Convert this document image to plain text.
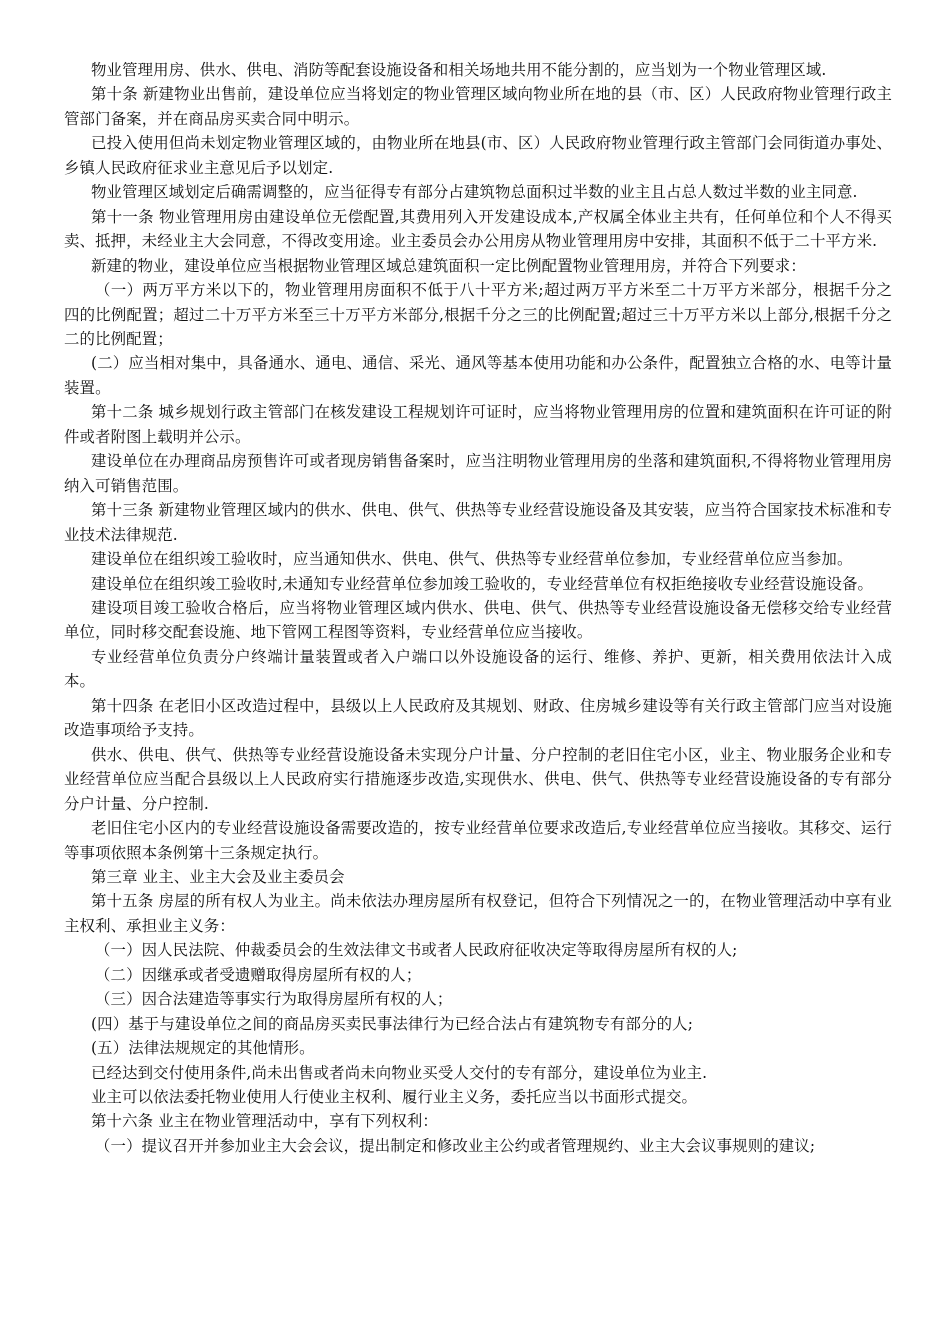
物业管理用房、供水、供电、消防等配套设施设备和相关场地共用不能分割的，应当划为一个物业管理区域.

第十条 新建物业出售前，建设单位应当将划定的物业管理区域向物业所在地的县（市、区）人民政府物业管理行政主管部门备案，并在商品房买卖合同中明示。

已投入使用但尚未划定物业管理区域的，由物业所在地县(市、区）人民政府物业管理行政主管部门会同街道办事处、乡镇人民政府征求业主意见后予以划定.

物业管理区域划定后确需调整的，应当征得专有部分占建筑物总面积过半数的业主且占总人数过半数的业主同意.

第十一条 物业管理用房由建设单位无偿配置,其费用列入开发建设成本,产权属全体业主共有，任何单位和个人不得买卖、抵押，未经业主大会同意，不得改变用途。业主委员会办公用房从物业管理用房中安排，其面积不低于二十平方米.

新建的物业，建设单位应当根据物业管理区域总建筑面积一定比例配置物业管理用房，并符合下列要求：

（一）两万平方米以下的，物业管理用房面积不低于八十平方米;超过两万平方米至二十万平方米部分，根据千分之四的比例配置；超过二十万平方米至三十万平方米部分,根据千分之三的比例配置;超过三十万平方米以上部分,根据千分之二的比例配置；

(二）应当相对集中，具备通水、通电、通信、采光、通风等基本使用功能和办公条件，配置独立合格的水、电等计量装置。

第十二条 城乡规划行政主管部门在核发建设工程规划许可证时，应当将物业管理用房的位置和建筑面积在许可证的附件或者附图上载明并公示。

建设单位在办理商品房预售许可或者现房销售备案时，应当注明物业管理用房的坐落和建筑面积,不得将物业管理用房纳入可销售范围。

第十三条 新建物业管理区域内的供水、供电、供气、供热等专业经营设施设备及其安装，应当符合国家技术标准和专业技术法律规范.

建设单位在组织竣工验收时，应当通知供水、供电、供气、供热等专业经营单位参加，专业经营单位应当参加。

建设单位在组织竣工验收时,未通知专业经营单位参加竣工验收的，专业经营单位有权拒绝接收专业经营设施设备。

建设项目竣工验收合格后，应当将物业管理区域内供水、供电、供气、供热等专业经营设施设备无偿移交给专业经营单位，同时移交配套设施、地下管网工程图等资料，专业经营单位应当接收。

专业经营单位负责分户终端计量装置或者入户端口以外设施设备的运行、维修、养护、更新，相关费用依法计入成本。

第十四条 在老旧小区改造过程中，县级以上人民政府及其规划、财政、住房城乡建设等有关行政主管部门应当对设施改造事项给予支持。

供水、供电、供气、供热等专业经营设施设备未实现分户计量、分户控制的老旧住宅小区，业主、物业服务企业和专业经营单位应当配合县级以上人民政府实行措施逐步改造,实现供水、供电、供气、供热等专业经营设施设备的专有部分分户计量、分户控制.

老旧住宅小区内的专业经营设施设备需要改造的，按专业经营单位要求改造后,专业经营单位应当接收。其移交、运行等事项依照本条例第十三条规定执行。

第三章 业主、业主大会及业主委员会

第十五条 房屋的所有权人为业主。尚未依法办理房屋所有权登记，但符合下列情况之一的，在物业管理活动中享有业主权利、承担业主义务：

（一）因人民法院、仲裁委员会的生效法律文书或者人民政府征收决定等取得房屋所有权的人;

（二）因继承或者受遗赠取得房屋所有权的人；

（三）因合法建造等事实行为取得房屋所有权的人；

(四）基于与建设单位之间的商品房买卖民事法律行为已经合法占有建筑物专有部分的人;

(五）法律法规规定的其他情形。

已经达到交付使用条件,尚未出售或者尚未向物业买受人交付的专有部分，建设单位为业主.

业主可以依法委托物业使用人行使业主权利、履行业主义务，委托应当以书面形式提交。

第十六条 业主在物业管理活动中，享有下列权利：

（一）提议召开并参加业主大会会议，提出制定和修改业主公约或者管理规约、业主大会议事规则的建议;
